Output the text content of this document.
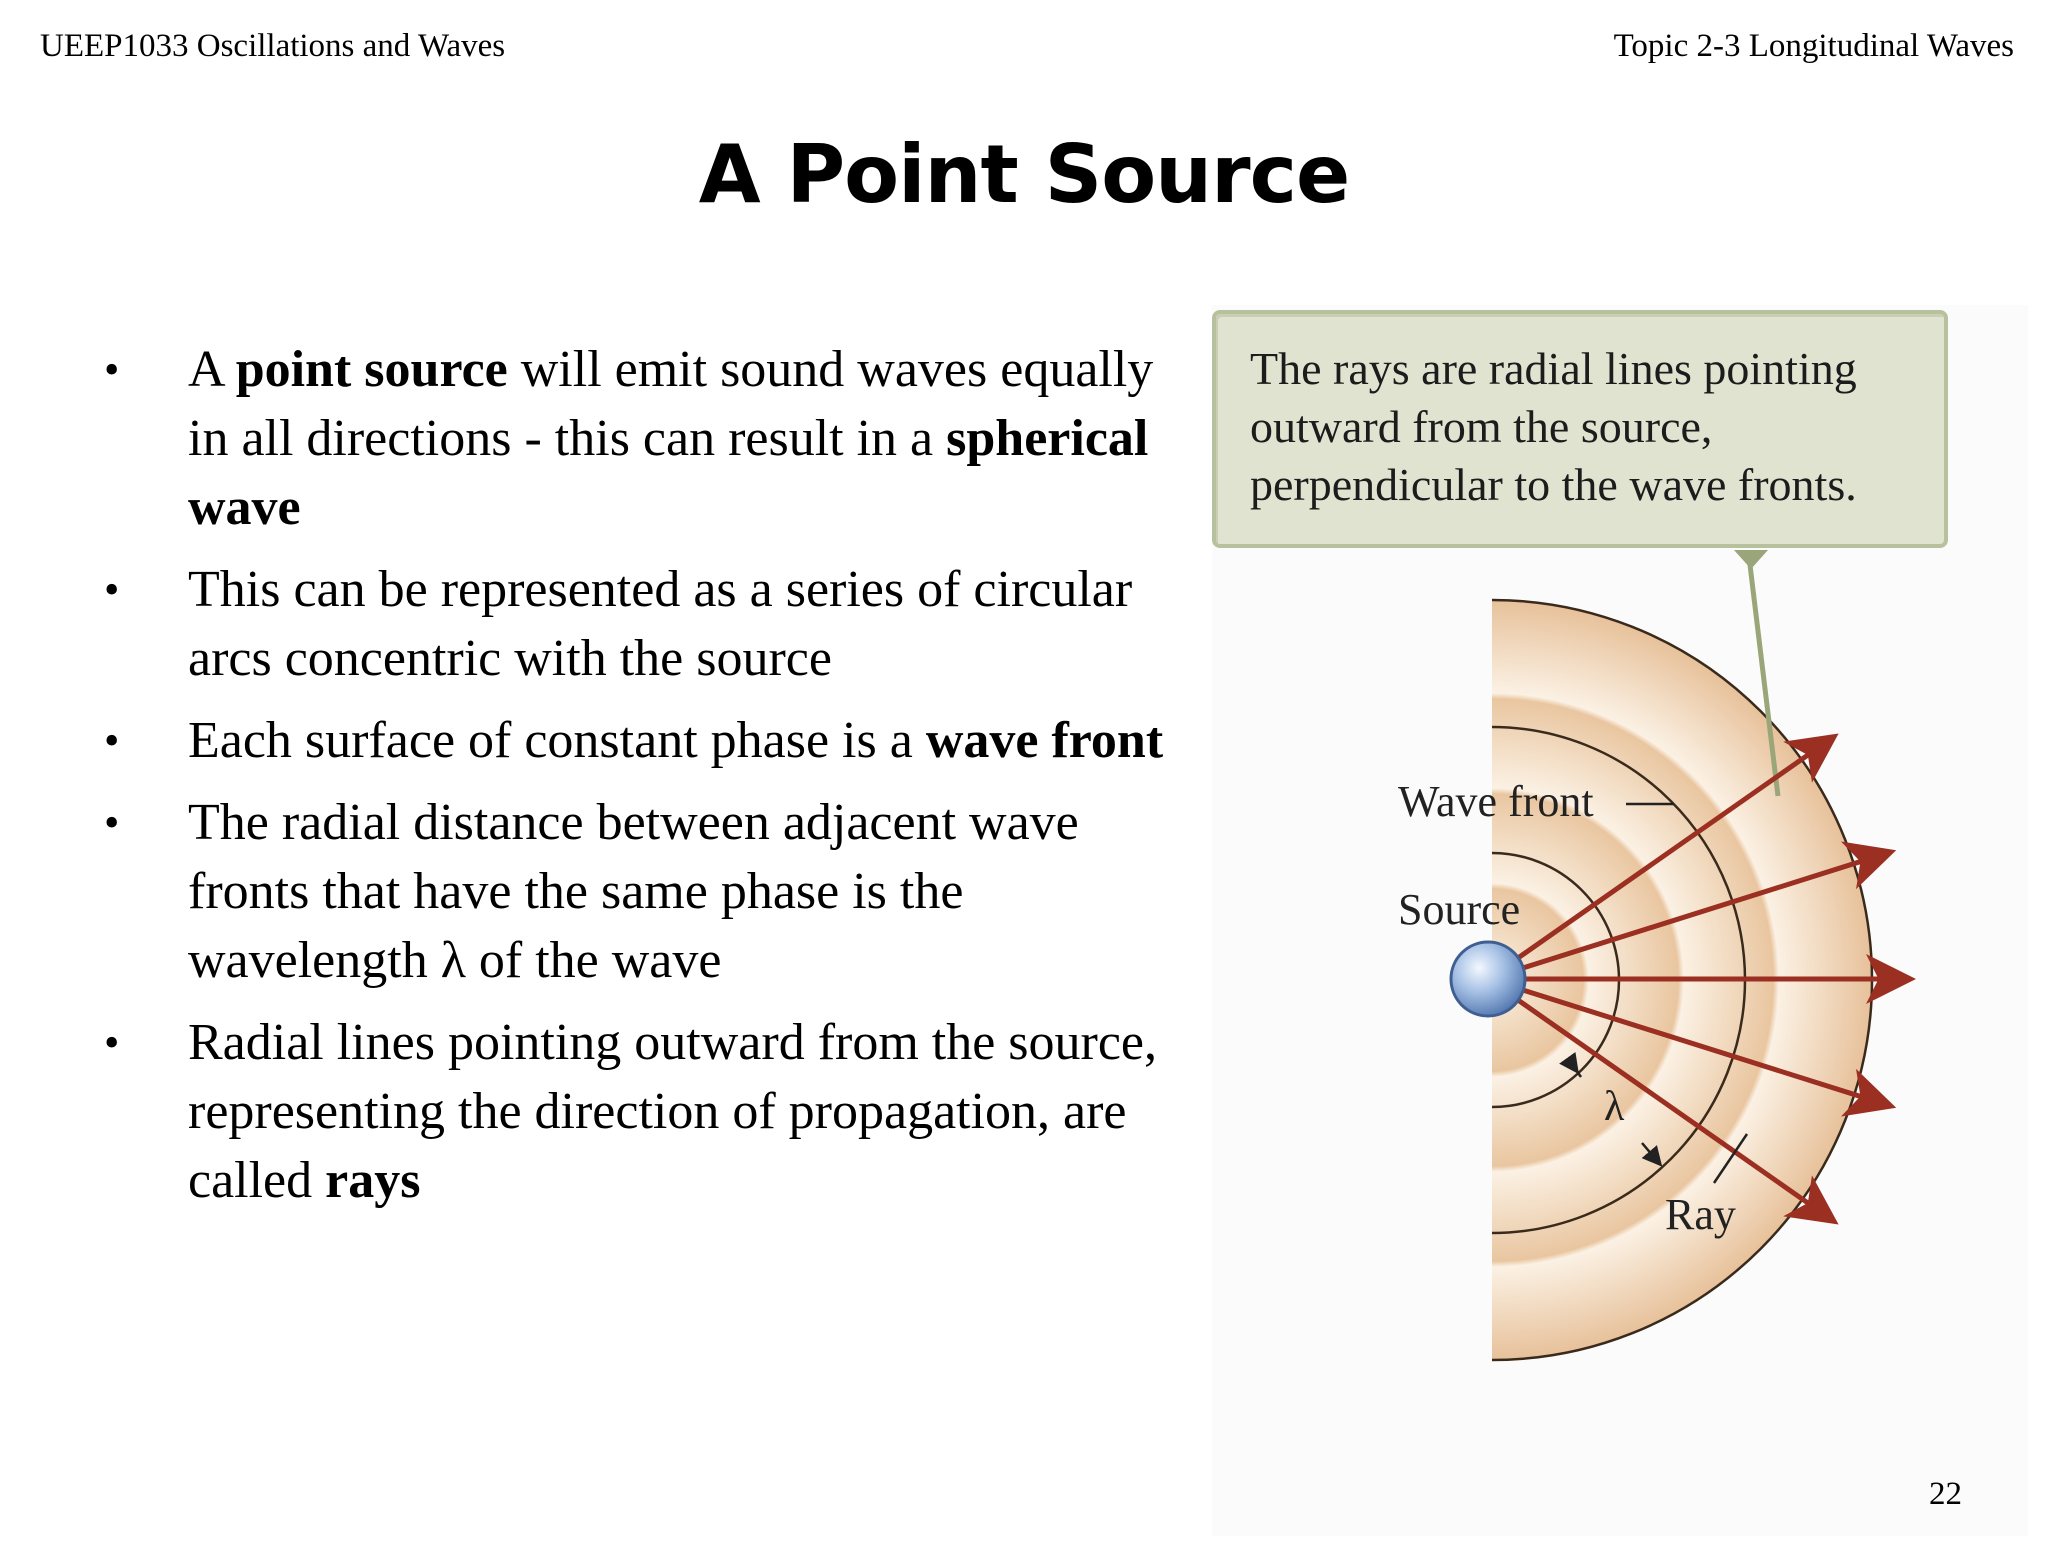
UEEP1033 Oscillations and Waves	Topic 2-3 Longitudinal Waves
A Point Source
• A point source will emit sound waves equally in all directions - this can result in a spherical wave
• This can be represented as a series of circular arcs concentric with the source
• Each surface of constant phase is a wave front
• The radial distance between adjacent wave fronts that have the same phase is the wavelength λ of the wave
• Radial lines pointing outward from the source, representing the direction of propagation, are called rays
λ
Wave front
Source
Ray
The rays are radial lines pointing
outward from the source,
perpendicular to the wave fronts.
22
